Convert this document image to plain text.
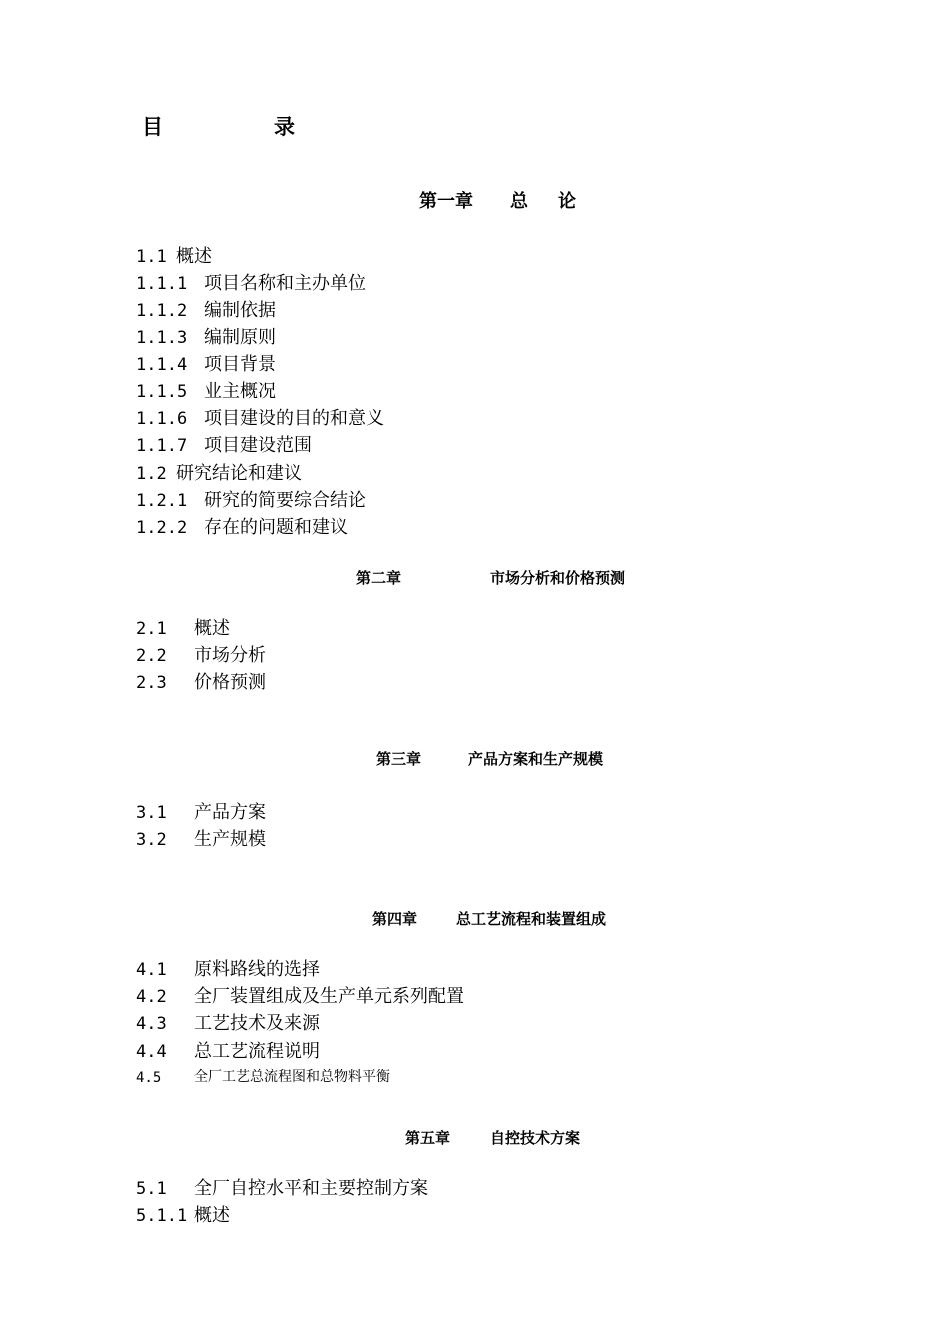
目	录
第一章 总 论
1.1 概述
1.1.1 项目名称和主办单位
1.1.2 编制依据
1.1.3 编制原则
1.1.4 项目背景
1.1.5 业主概况
1.1.6 项目建设的目的和意义
1.1.7 项目建设范围
1.2 研究结论和建议
1.2.1 研究的简要综合结论
1.2.2 存在的问题和建议
第二章	市场分析和价格预测
2.1 概述
2.2 市场分析
2.3 价格预测
第三章	产品方案和生产规模
3.1 产品方案
3.2 生产规模
第四章	总工艺流程和装置组成
4.1 原料路线的选择
4.2 全厂装置组成及生产单元系列配置
4.3 工艺技术及来源
4.4 总工艺流程说明
4.5 全厂工艺总流程图和总物料平衡
第五章	自控技术方案
5.1 全厂自控水平和主要控制方案
5.1.1 概述
